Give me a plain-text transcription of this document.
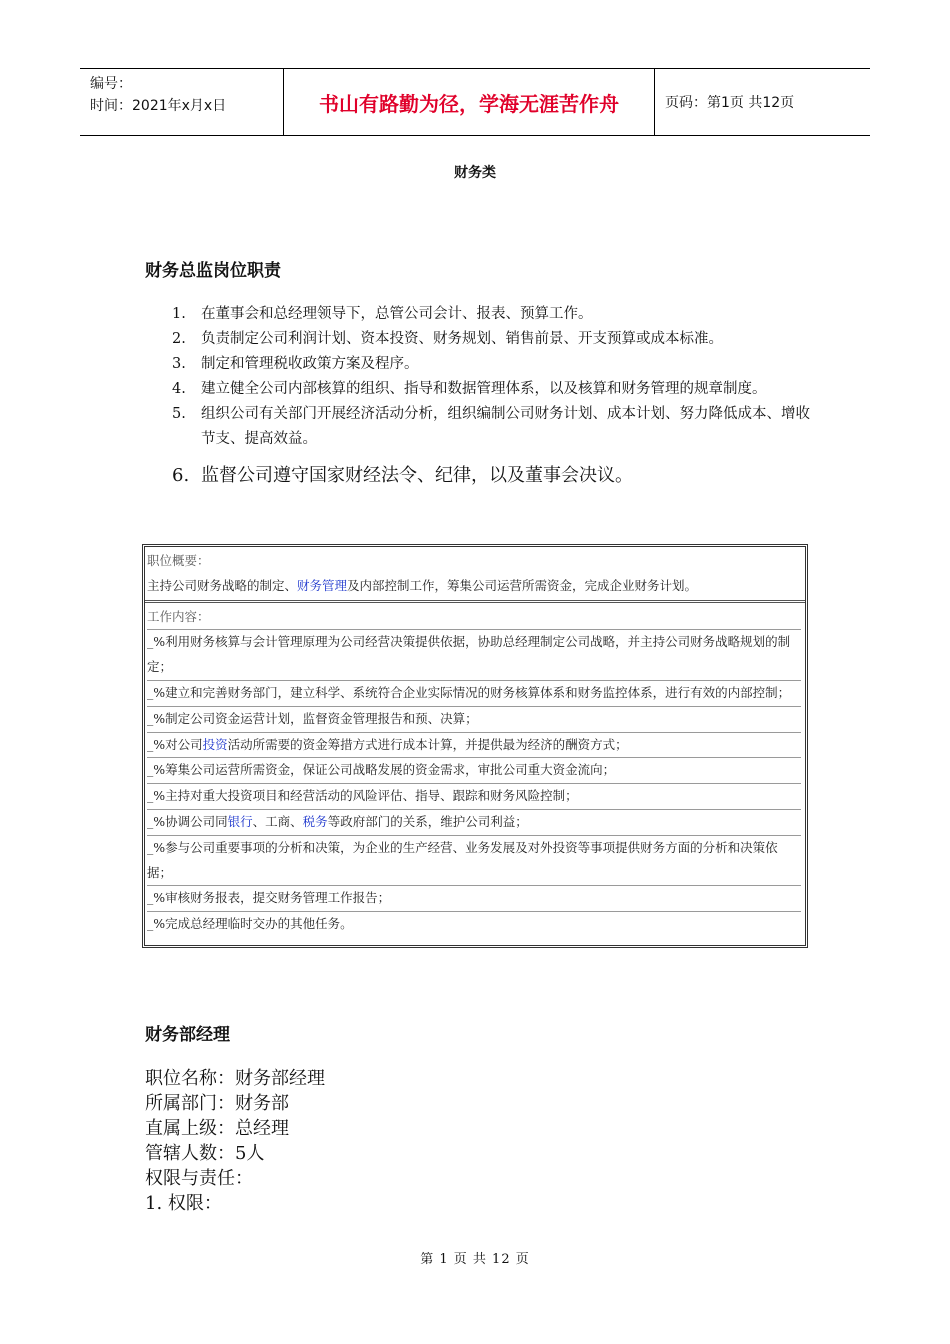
编号：
时间：2021年x月x日	书山有路勤为径，学海无涯苦作舟	页码：第1页 共12页
财务类
财务总监岗位职责
1.	在董事会和总经理领导下，总管公司会计、报表、预算工作。
2.	负责制定公司利润计划、资本投资、财务规划、销售前景、开支预算或成本标准。
3.	制定和管理税收政策方案及程序。
4.	建立健全公司内部核算的组织、指导和数据管理体系，以及核算和财务管理的规章制度。
5.	组织公司有关部门开展经济活动分析，组织编制公司财务计划、成本计划、努力降低成本、增收节支、提高效益。
6. 监督公司遵守国家财经法令、纪律，以及董事会决议。
职位概要：
主持公司财务战略的制定、财务管理及内部控制工作，筹集公司运营所需资金，完成企业财务计划。
工作内容：
_%利用财务核算与会计管理原理为公司经营决策提供依据，协助总经理制定公司战略，并主持公司财务战略规划的制定；
_%建立和完善财务部门，建立科学、系统符合企业实际情况的财务核算体系和财务监控体系，进行有效的内部控制；
_%制定公司资金运营计划，监督资金管理报告和预、决算；
_%对公司投资活动所需要的资金筹措方式进行成本计算，并提供最为经济的酬资方式；
_%筹集公司运营所需资金，保证公司战略发展的资金需求，审批公司重大资金流向；
_%主持对重大投资项目和经营活动的风险评估、指导、跟踪和财务风险控制；
_%协调公司同银行、工商、税务等政府部门的关系，维护公司利益；
_%参与公司重要事项的分析和决策，为企业的生产经营、业务发展及对外投资等事项提供财务方面的分析和决策依据；
_%审核财务报表，提交财务管理工作报告；
_%完成总经理临时交办的其他任务。
财务部经理
职位名称：财务部经理
所属部门：财务部
直属上级：总经理
管辖人数：5人
权限与责任：
1. 权限：
第 1 页 共 12 页
